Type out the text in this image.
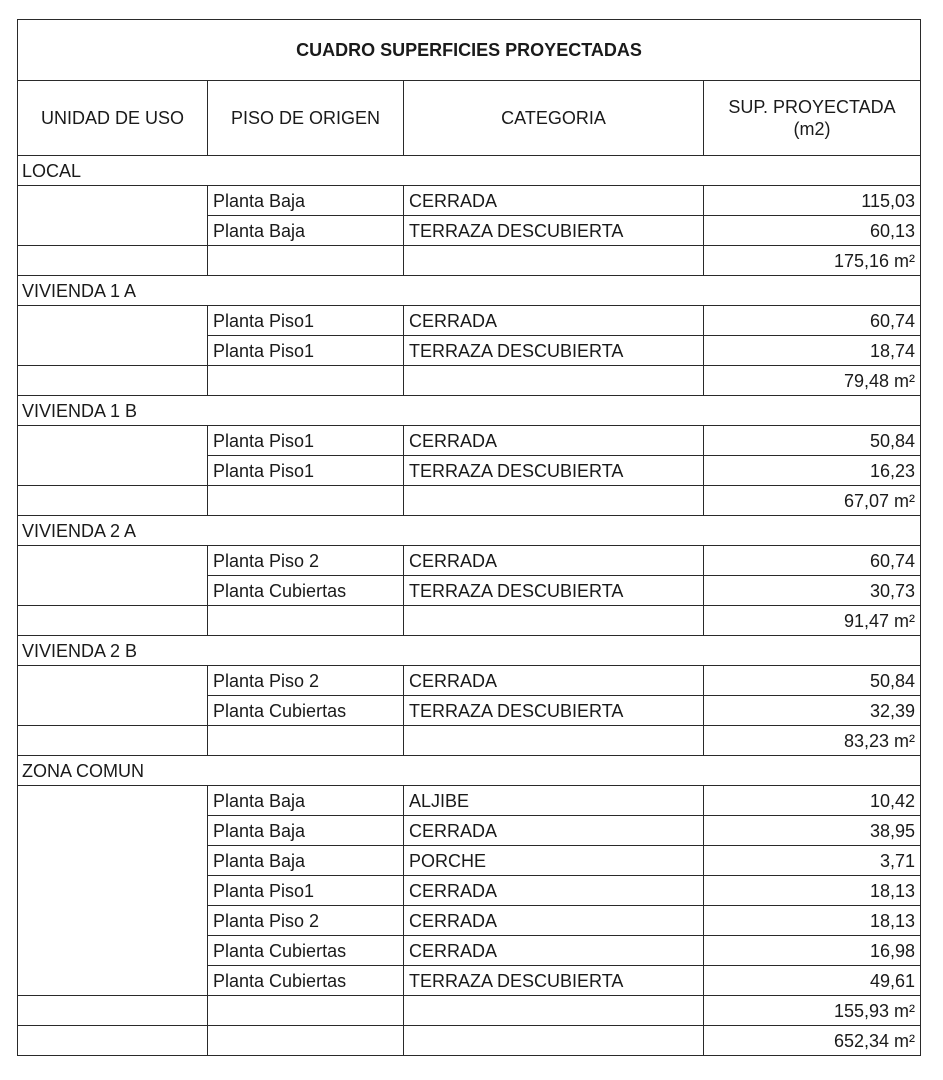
CUADRO SUPERFICIES PROYECTADAS			
UNIDAD DE USO	PISO DE ORIGEN	CATEGORIA	SUP. PROYECTADA (m2)
LOCAL			
	Planta Baja	CERRADA	115,03
	Planta Baja	TERRAZA DESCUBIERTA	60,13
			175,16 m²
VIVIENDA 1 A			
	Planta Piso1	CERRADA	60,74
	Planta Piso1	TERRAZA DESCUBIERTA	18,74
			79,48 m²
VIVIENDA 1 B			
	Planta Piso1	CERRADA	50,84
	Planta Piso1	TERRAZA DESCUBIERTA	16,23
			67,07 m²
VIVIENDA 2 A			
	Planta Piso 2	CERRADA	60,74
	Planta Cubiertas	TERRAZA DESCUBIERTA	30,73
			91,47 m²
VIVIENDA 2 B			
	Planta Piso 2	CERRADA	50,84
	Planta Cubiertas	TERRAZA DESCUBIERTA	32,39
			83,23 m²
ZONA COMUN			
	Planta Baja	ALJIBE	10,42
	Planta Baja	CERRADA	38,95
	Planta Baja	PORCHE	3,71
	Planta Piso1	CERRADA	18,13
	Planta Piso 2	CERRADA	18,13
	Planta Cubiertas	CERRADA	16,98
	Planta Cubiertas	TERRAZA DESCUBIERTA	49,61
			155,93 m²
			652,34 m²
